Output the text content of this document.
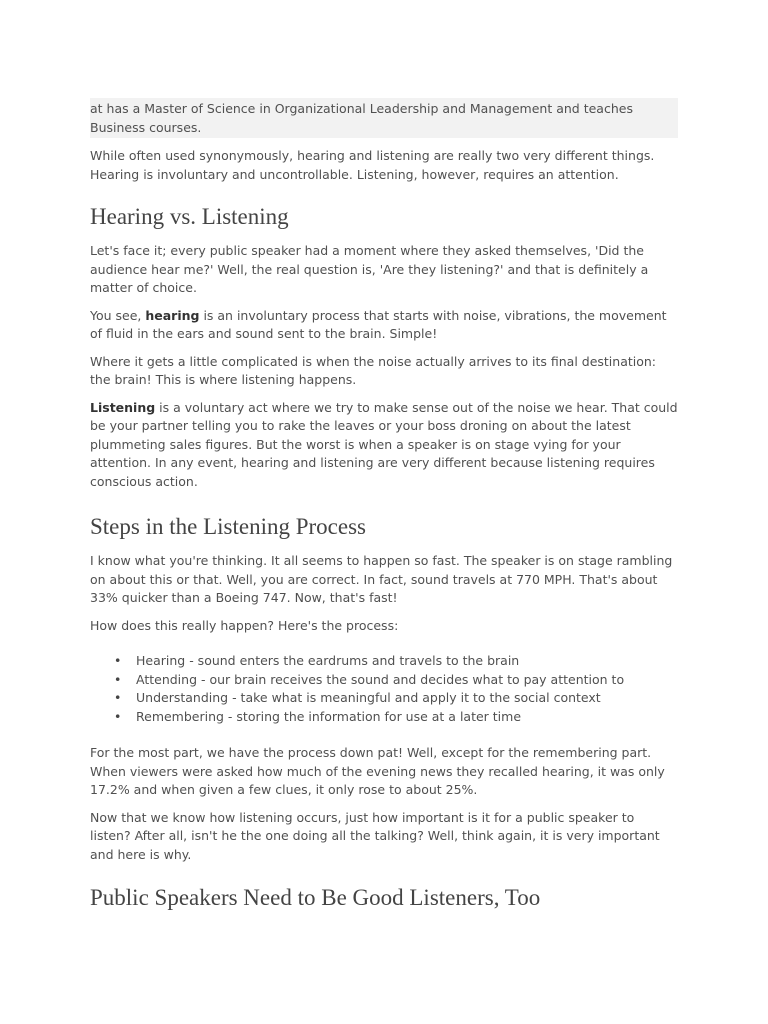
at has a Master of Science in Organizational Leadership and Management and teaches Business courses.

While often used synonymously, hearing and listening are really two very different things. Hearing is involuntary and uncontrollable. Listening, however, requires an attention.

Hearing vs. Listening

Let's face it; every public speaker had a moment where they asked themselves, 'Did the audience hear me?' Well, the real question is, 'Are they listening?' and that is definitely a matter of choice.

You see, hearing is an involuntary process that starts with noise, vibrations, the movement of fluid in the ears and sound sent to the brain. Simple!

Where it gets a little complicated is when the noise actually arrives to its final destination: the brain! This is where listening happens.

Listening is a voluntary act where we try to make sense out of the noise we hear. That could be your partner telling you to rake the leaves or your boss droning on about the latest plummeting sales figures. But the worst is when a speaker is on stage vying for your attention. In any event, hearing and listening are very different because listening requires conscious action.

Steps in the Listening Process

I know what you're thinking. It all seems to happen so fast. The speaker is on stage rambling on about this or that. Well, you are correct. In fact, sound travels at 770 MPH. That's about 33% quicker than a Boeing 747. Now, that's fast!

How does this really happen? Here's the process:

• Hearing - sound enters the eardrums and travels to the brain
• Attending - our brain receives the sound and decides what to pay attention to
• Understanding - take what is meaningful and apply it to the social context
• Remembering - storing the information for use at a later time

For the most part, we have the process down pat! Well, except for the remembering part. When viewers were asked how much of the evening news they recalled hearing, it was only 17.2% and when given a few clues, it only rose to about 25%.

Now that we know how listening occurs, just how important is it for a public speaker to listen? After all, isn't he the one doing all the talking? Well, think again, it is very important and here is why.

Public Speakers Need to Be Good Listeners, Too
